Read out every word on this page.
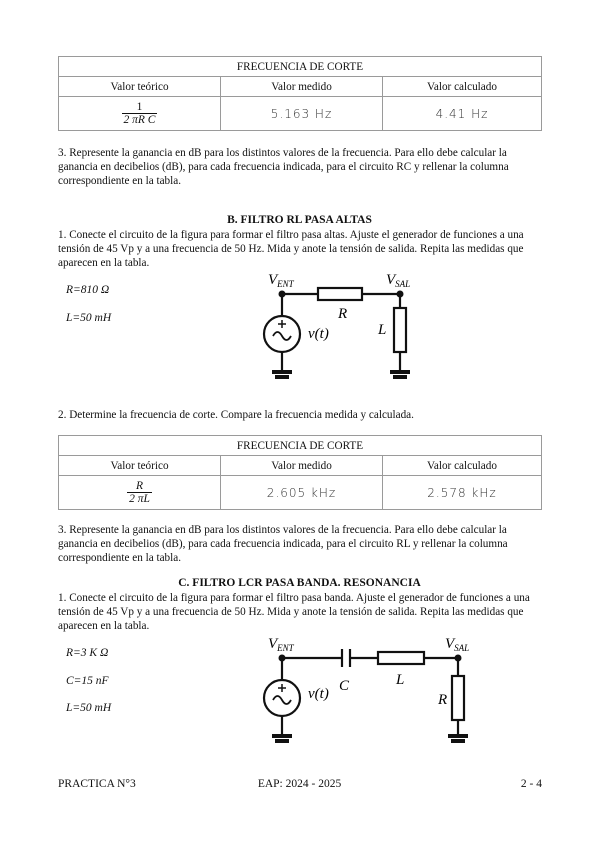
FRECUENCIA DE CORTE		
Valor teórico	Valor medido	Valor calculado

$\frac{1}{\text{2 πR C}}$	5.163 Hz	4.41 Hz
3. Represente la ganancia en dB para los distintos valores de la frecuencia. Para ello debe calcular la ganancia en decibelios (dB), para cada frecuencia indicada, para el circuito RC y rellenar la columna correspondiente en la tabla.
B. FILTRO RL PASA ALTAS
1. Conecte el circuito de la figura para formar el filtro pasa altas. Ajuste el generador de funciones a una tensión de 45 Vp y a una frecuencia de 50 Hz. Mida y anote la tensión de salida. Repita las medidas que aparecen en la tabla.
R=810 Ω
L=50 mH
$V_{ENT}$	$V_{SAL}$
v(t)
R
L
2. Determine la frecuencia de corte. Compare la frecuencia medida y calculada.
FRECUENCIA DE CORTE		
Valor teórico	Valor medido	Valor calculado

$\frac{R}{2 \pi L}$	2.605 kHz	2.578 kHz
3. Represente la ganancia en dB para los distintos valores de la frecuencia. Para ello debe calcular la ganancia en decibelios (dB), para cada frecuencia indicada, para el circuito RL y rellenar la columna correspondiente en la tabla.
C. FILTRO LCR PASA BANDA. RESONANCIA
1. Conecte el circuito de la figura para formar el filtro pasa banda. Ajuste el generador de funciones a una tensión de 45 Vp y a una frecuencia de 50 Hz. Mida y anote la tensión de salida. Repita las medidas que aparecen en la tabla.
R=3 K Ω
C=15 nF
L=50 mH
$V_{ENT}$	$V_{SAL}$
v(t) C	L
R
PRACTICA N°3	EAP: 2024 - 2025	2 - 4
